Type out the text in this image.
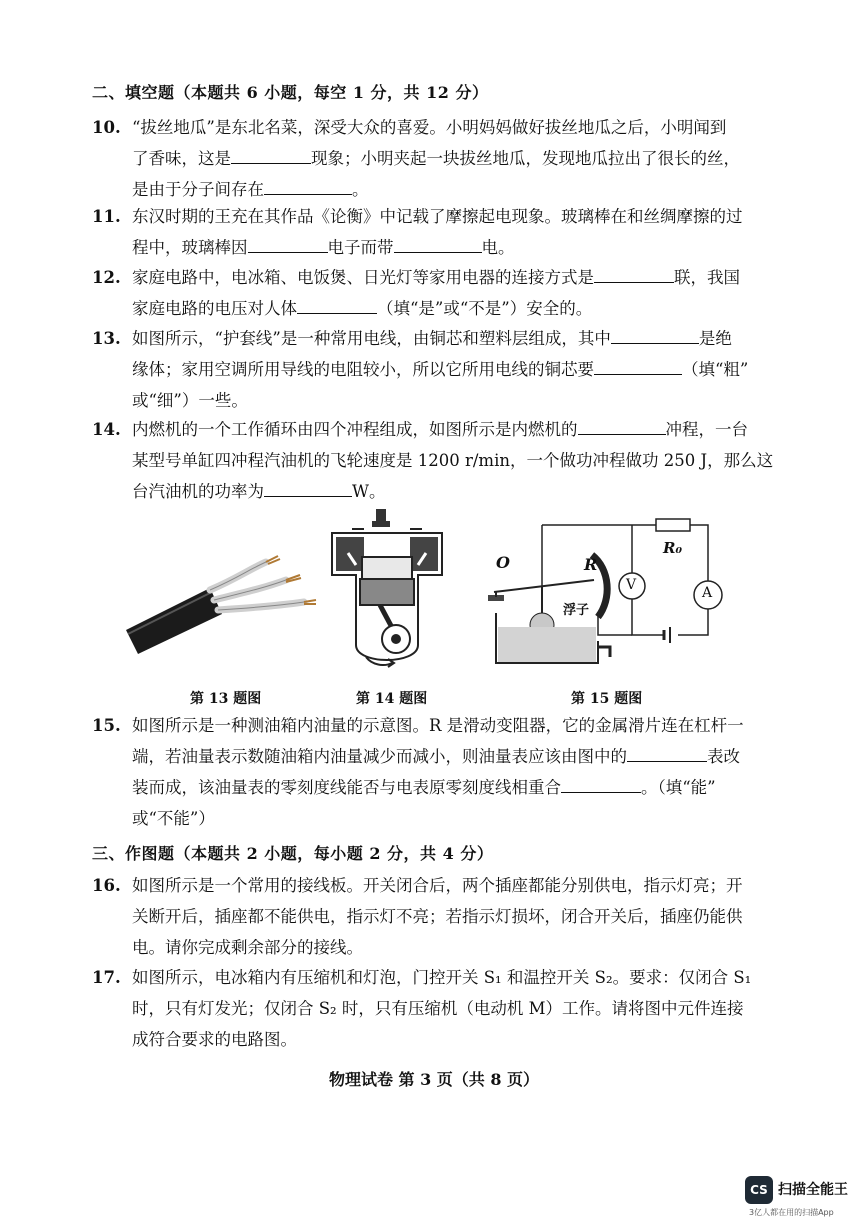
二、填空题（本题共 6 小题，每空 1 分，共 12 分）
10. “拔丝地瓜”是东北名菜，深受大众的喜爱。小明妈妈做好拔丝地瓜之后，小明闻到
了香味，这是	现象；小明夹起一块拔丝地瓜，发现地瓜拉出了很长的丝，
是由于分子间存在	。
11. 东汉时期的王充在其作品《论衡》中记载了摩擦起电现象。玻璃棒在和丝绸摩擦的过
程中，玻璃棒因	电子而带	电。
12. 家庭电路中，电冰箱、电饭煲、日光灯等家用电器的连接方式是	联，我国
家庭电路的电压对人体	（填“是”或“不是”）安全的。
13. 如图所示，“护套线”是一种常用电线，由铜芯和塑料层组成，其中	是绝
缘体；家用空调所用导线的电阻较小，所以它所用电线的铜芯要	（填“粗”
或“细”）一些。
14. 内燃机的一个工作循环由四个冲程组成，如图所示是内燃机的	冲程，一台
某型号单缸四冲程汽油机的飞轮速度是 1200 r/min，一个做功冲程做功 250 J，那么这
台汽油机的功率为	W。
O	R
R₀
V	A
浮子
第 13 题图	第 14 题图	第 15 题图
15. 如图所示是一种测油箱内油量的示意图。R 是滑动变阻器，它的金属滑片连在杠杆一
端，若油量表示数随油箱内油量减少而减小，则油量表应该由图中的	表改
装而成，该油量表的零刻度线能否与电表原零刻度线相重合	。（填“能”
或“不能”）
三、作图题（本题共 2 小题，每小题 2 分，共 4 分）
16. 如图所示是一个常用的接线板。开关闭合后，两个插座都能分别供电，指示灯亮；开
关断开后，插座都不能供电，指示灯不亮；若指示灯损坏，闭合开关后，插座仍能供
电。请你完成剩余部分的接线。
17. 如图所示，电冰箱内有压缩机和灯泡，门控开关 S₁ 和温控开关 S₂。要求：仅闭合 S₁
时，只有灯发光；仅闭合 S₂ 时，只有压缩机（电动机 M）工作。请将图中元件连接
成符合要求的电路图。
物理试卷 第 3 页（共 8 页）
CS 扫描全能王
3亿人都在用的扫描App
